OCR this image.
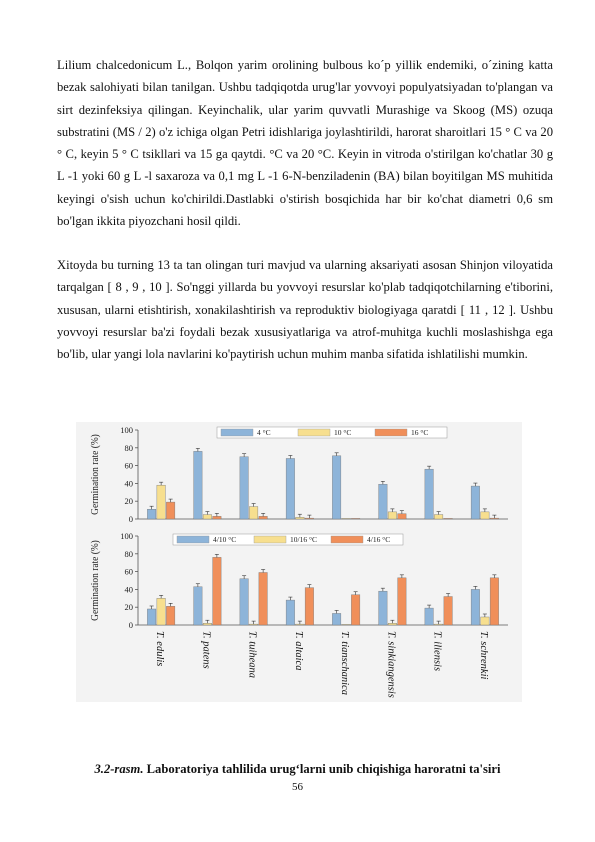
Lilium chalcedonicum L., Bolqon yarim orolining bulbous ko´p yillik endemiki, o´zining katta bezak salohiyati bilan tanilgan. Ushbu tadqiqotda urug'lar yovvoyi populyatsiyadan to'plangan va sirt dezinfeksiya qilingan. Keyinchalik, ular yarim quvvatli Murashige va Skoog (MS) ozuqa substratini (MS / 2) o'z ichiga olgan Petri idishlariga joylashtirildi, harorat sharoitlari 15 ° C va 20 ° C, keyin 5 ° C tsikllari va 15 ga qaytdi. °C va 20 °C. Keyin in vitroda o'stirilgan ko'chatlar 30 g L -1 yoki 60 g L -l saxaroza va 0,1 mg L -1 6-N-benziladenin (BA) bilan boyitilgan MS muhitida keyingi o'sish uchun ko'chirildi.Dastlabki o'stirish bosqichida har bir ko'chat diametri 0,6 sm bo'lgan ikkita piyozchani hosil qildi.

Xitoyda bu turning 13 ta tan olingan turi mavjud va ularning aksariyati asosan Shinjon viloyatida tarqalgan [ 8 , 9 , 10 ]. So'nggi yillarda bu yovvoyi resurslar ko'plab tadqiqotchilarning e'tiborini, xususan, ularni etishtirish, xonakilashtirish va reproduktiv biologiyaga qaratdi [ 11 , 12 ]. Ushbu yovvoyi resurslar ba'zi foydali bezak xususiyatlariga va atrof-muhitga kuchli moslashishga ega bo'lib, ular yangi lola navlarini ko'paytirish uchun muhim manba sifatida ishlatilishi mumkin.

0
20
40
60
80
100
Germination rate (%)
4 °C	10 °C	16 °C
0
20
40
60
80
100
Germination rate (%)
4/10 °C	10/16 °C	4/16 °C
T. edulis	T. patens	T. tuiheana	T. altaica	T. tianschanica	T. sinkiangensis	T. iliensis	T. schrenkii
3.2-rasm. Laboratoriya tahlilida urug‘larni unib chiqishiga haroratni ta'siri
56
